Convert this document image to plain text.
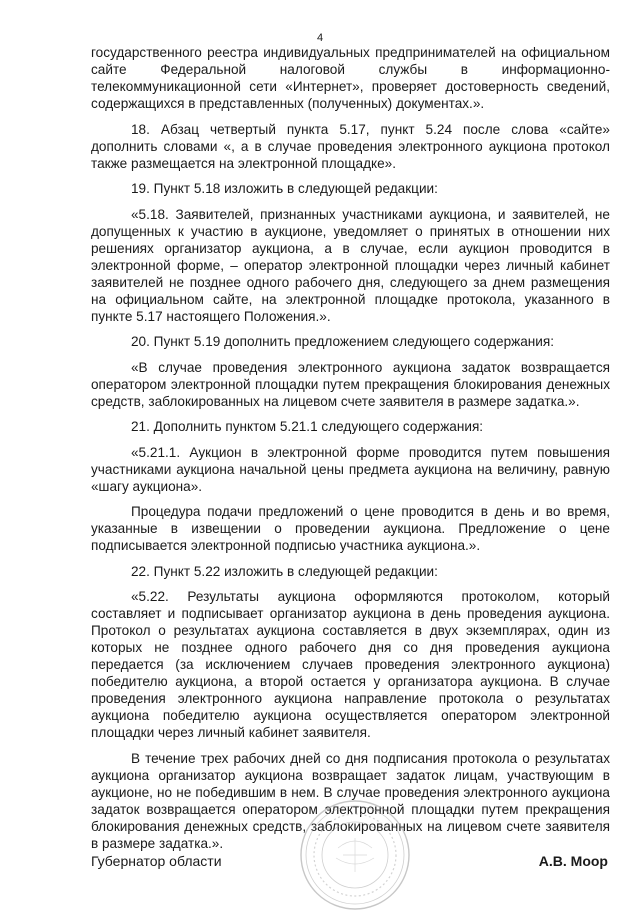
4

государственного реестра индивидуальных предпринимателей на официальном сайте Федеральной налоговой службы в информационно-телекоммуникационной сети «Интернет», проверяет достоверность сведений, содержащихся в представленных (полученных) документах.».

18. Абзац четвертый пункта 5.17, пункт 5.24 после слова «сайте» дополнить словами «, а в случае проведения электронного аукциона протокол также размещается на электронной площадке».

19. Пункт 5.18 изложить в следующей редакции:

«5.18. Заявителей, признанных участниками аукциона, и заявителей, не допущенных к участию в аукционе, уведомляет о принятых в отношении них решениях организатор аукциона, а в случае, если аукцион проводится в электронной форме, – оператор электронной площадки через личный кабинет заявителей не позднее одного рабочего дня, следующего за днем размещения на официальном сайте, на электронной площадке протокола, указанного в пункте 5.17 настоящего Положения.».

20. Пункт 5.19 дополнить предложением следующего содержания:

«В случае проведения электронного аукциона задаток возвращается оператором электронной площадки путем прекращения блокирования денежных средств, заблокированных на лицевом счете заявителя в размере задатка.».

21. Дополнить пунктом 5.21.1 следующего содержания:

«5.21.1. Аукцион в электронной форме проводится путем повышения участниками аукциона начальной цены предмета аукциона на величину, равную «шагу аукциона».

Процедура подачи предложений о цене проводится в день и во время, указанные в извещении о проведении аукциона. Предложение о цене подписывается электронной подписью участника аукциона.».

22. Пункт 5.22 изложить в следующей редакции:

«5.22. Результаты аукциона оформляются протоколом, который составляет и подписывает организатор аукциона в день проведения аукциона. Протокол о результатах аукциона составляется в двух экземплярах, один из которых не позднее одного рабочего дня со дня проведения аукциона передается (за исключением случаев проведения электронного аукциона) победителю аукциона, а второй остается у организатора аукциона. В случае проведения электронного аукциона направление протокола о результатах аукциона победителю аукциона осуществляется оператором электронной площадки через личный кабинет заявителя.

В течение трех рабочих дней со дня подписания протокола о результатах аукциона организатор аукциона возвращает задаток лицам, участвующим в аукционе, но не победившим в нем. В случае проведения электронного аукциона задаток возвращается оператором электронной площадки путем прекращения блокирования денежных средств, заблокированных на лицевом счете заявителя в размере задатка.».

Губернатор области	А.В. Моор
